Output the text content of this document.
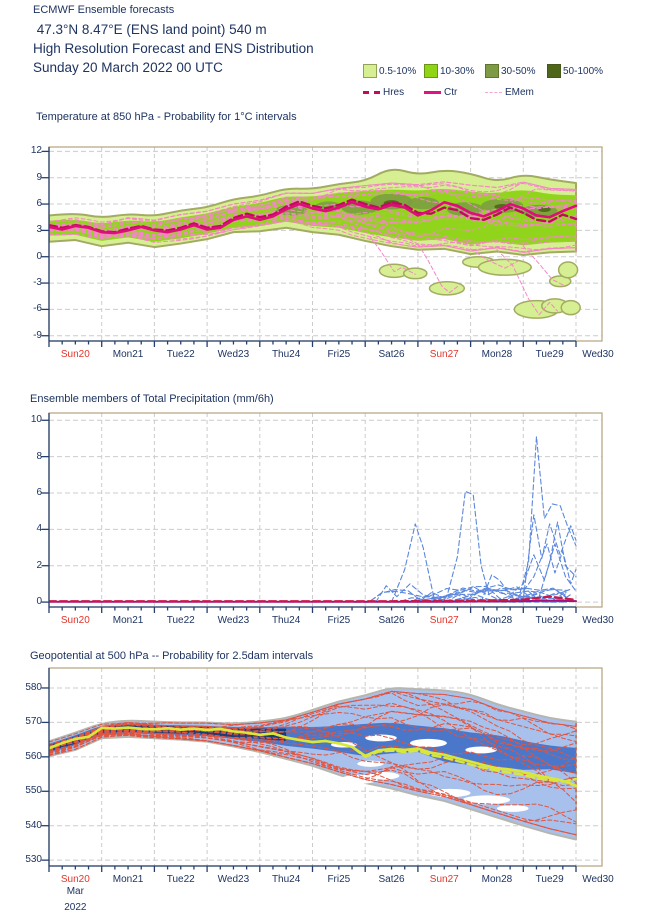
ECMWF Ensemble forecasts
47.3°N 8.47°E (ENS land point) 540 m
High Resolution Forecast and ENS Distribution
Sunday 20 March 2022 00 UTC	0.5-10% 10-30%	30-50%	50-100%
Hres	Ctr	EMem
Temperature at 850 hPa - Probability for 1°C intervals
Ensemble members of Total Precipitation (mm/6h)
Geopotential at 500 hPa -- Probability for 2.5dam intervals
12
9
6
3
0
-3
-6
-9
Sun20	Mon21	Tue22	Wed23	Thu24	Fri25	Sat26	Sun27	Mon28	Tue29	Wed30
10
8
6
4
2
0
Sun20	Mon21	Tue22	Wed23	Thu24	Fri25	Sat26	Sun27	Mon28	Tue29	Wed30
580
570
560
550
540
530
Sun20	Mon21	Tue22	Wed23	Thu24	Fri25	Sat26	Sun27	Mon28	Tue29	Wed30
Mar
2022
